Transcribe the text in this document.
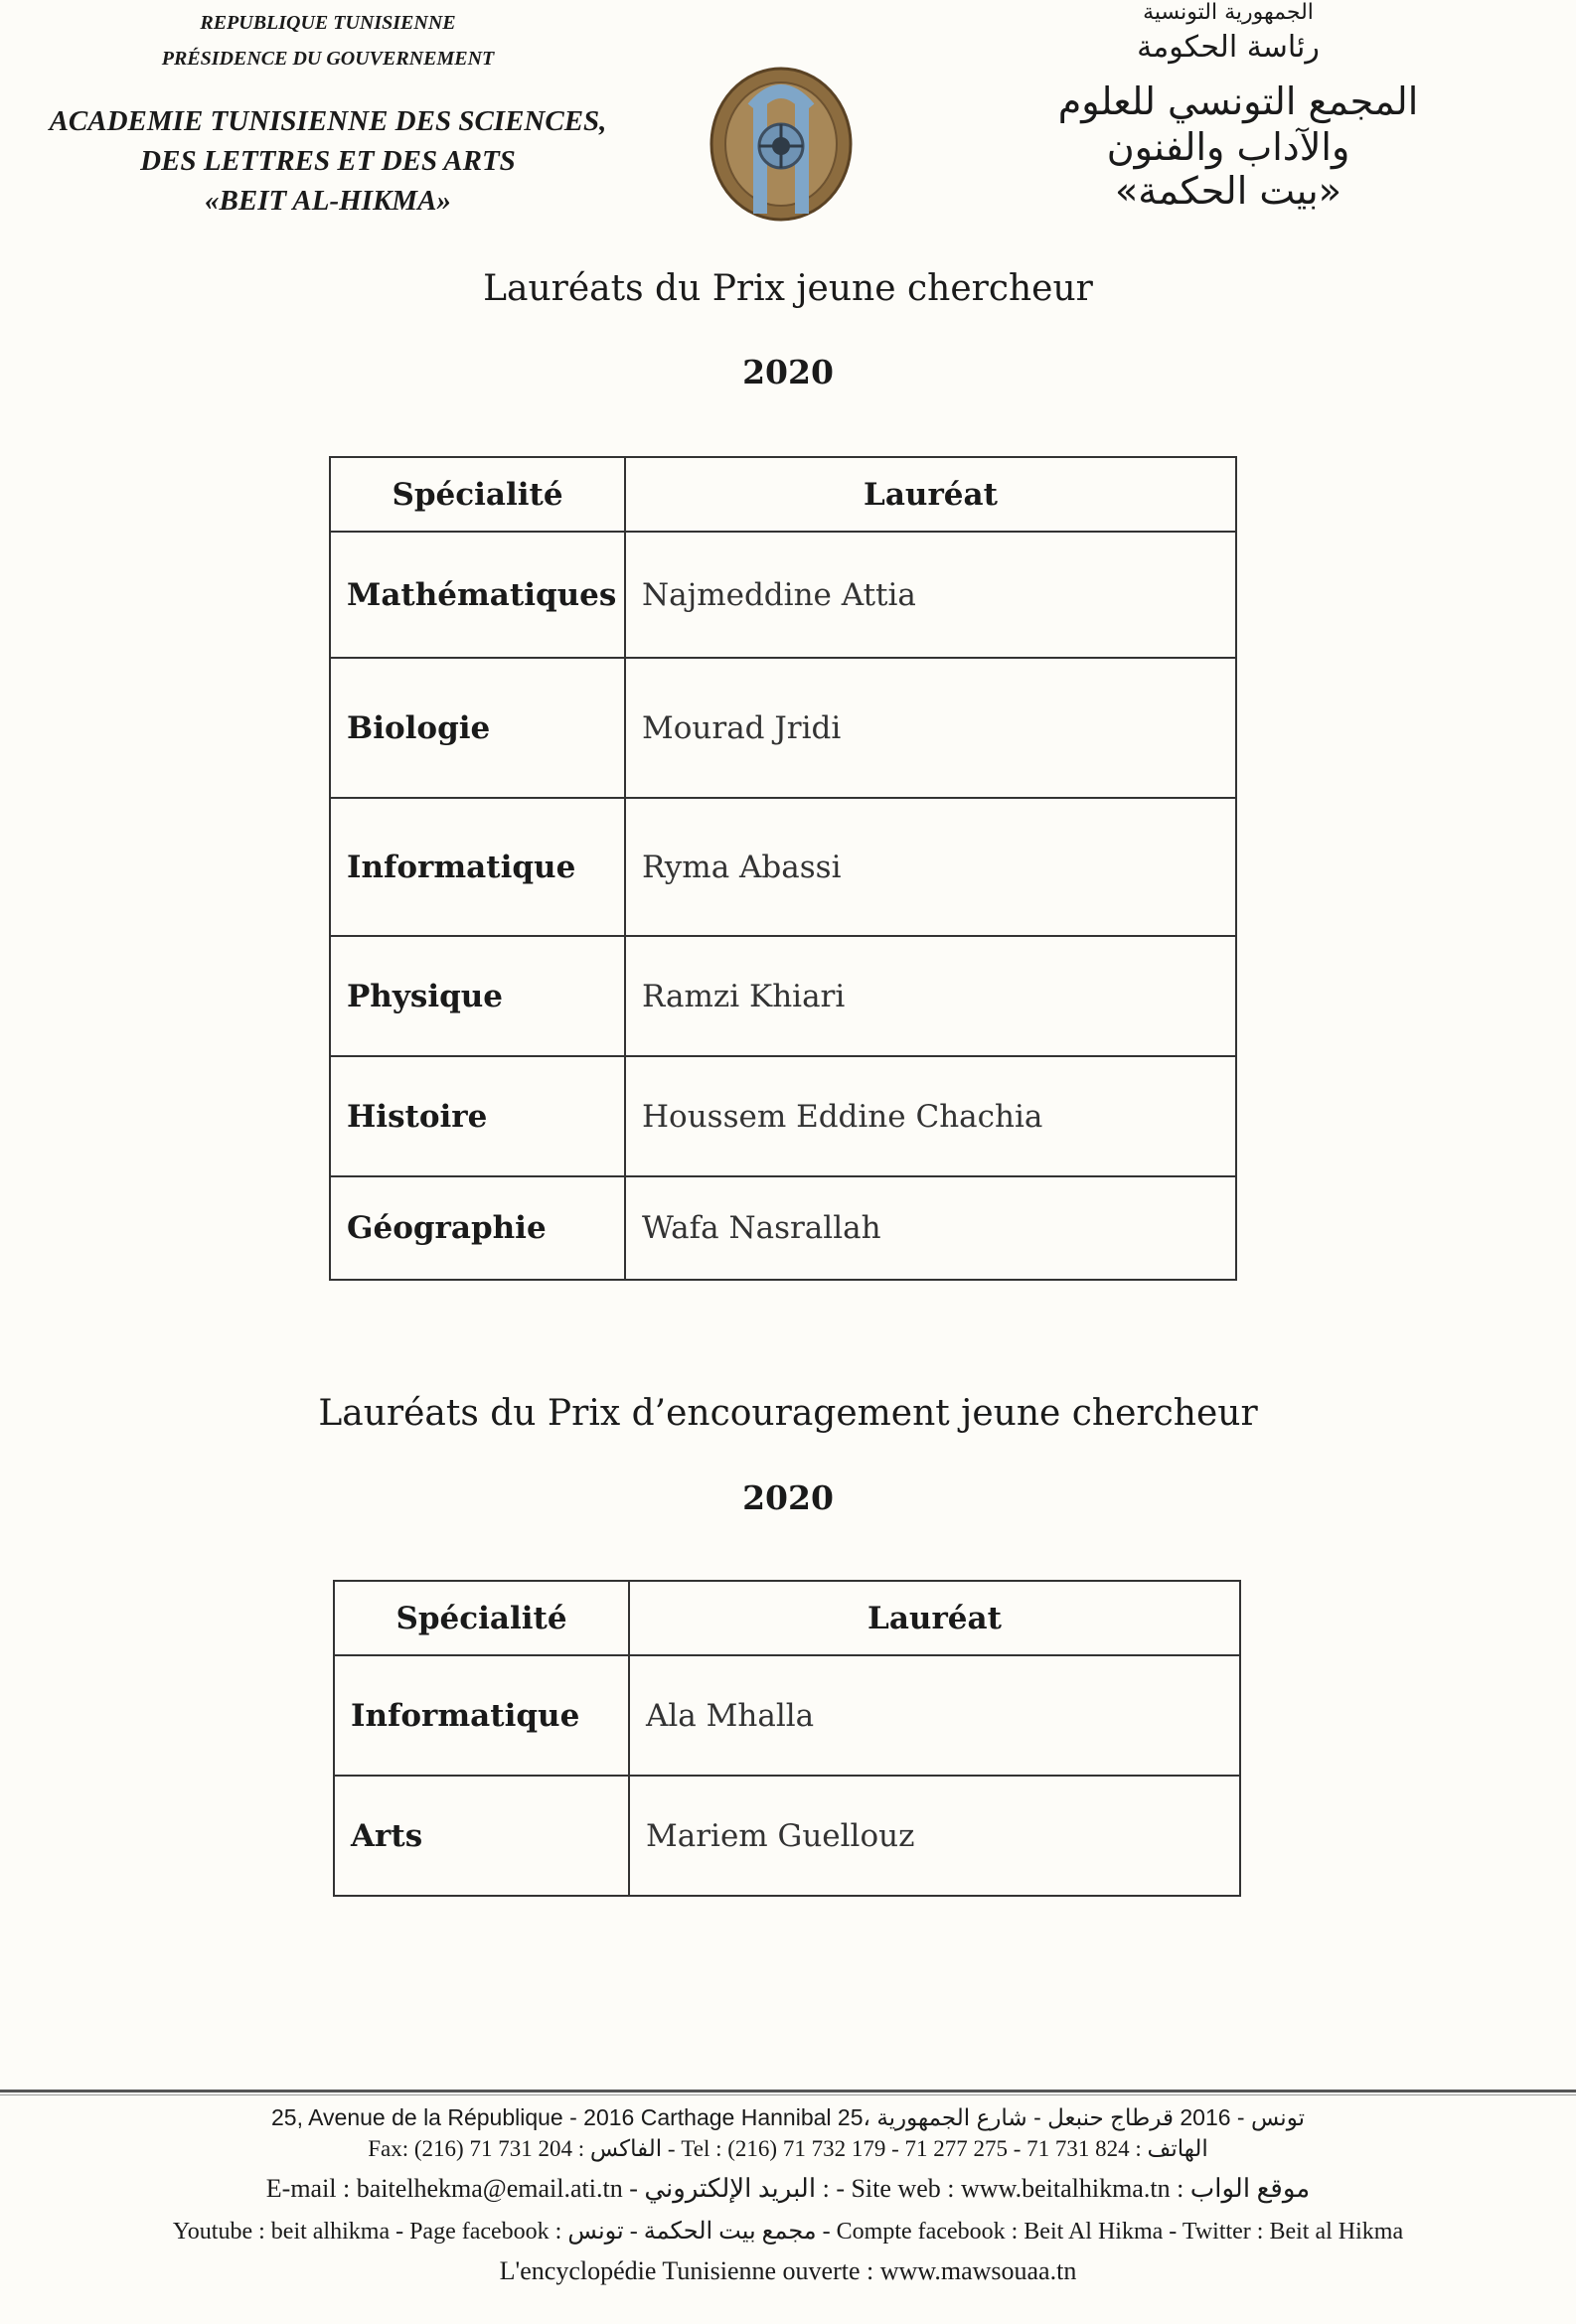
REPUBLIQUE TUNISIENNE
PRÉSIDENCE DU GOUVERNEMENT
ACADEMIE TUNISIENNE DES SCIENCES,
DES LETTRES ET DES ARTS
«BEIT AL-HIKMA»
الجمهورية التونسية
رئاسة الحكومة
المجمع التونسي للعلوم
والآداب والفنون
«بيت الحكمة»
Lauréats du Prix jeune chercheur
2020
Spécialité	Lauréat
Mathématiques	Najmeddine Attia
Biologie	Mourad Jridi
Informatique	Ryma Abassi
Physique	Ramzi Khiari
Histoire	Houssem Eddine Chachia
Géographie	Wafa Nasrallah
Lauréats du Prix d’encouragement jeune chercheur
2020
Spécialité	Lauréat
Informatique	Ala Mhalla
Arts	Mariem Guellouz
25, Avenue de la République - 2016 Carthage Hannibal تونس - 2016 قرطاج حنبعل - شارع الجمهورية ،25
Fax: (216) 71 731 204 : الفاكس - Tel : (216) 71 732 179 - 71 277 275 - 71 731 824 : الهاتف
E-mail : baitelhekma@email.ati.tn - البريد الإلكتروني : - Site web : www.beitalhikma.tn : موقع الواب
Youtube : beit alhikma - Page facebook : مجمع بيت الحكمة - تونس - Compte facebook : Beit Al Hikma - Twitter : Beit al Hikma
L'encyclopédie Tunisienne ouverte : www.mawsouaa.tn
